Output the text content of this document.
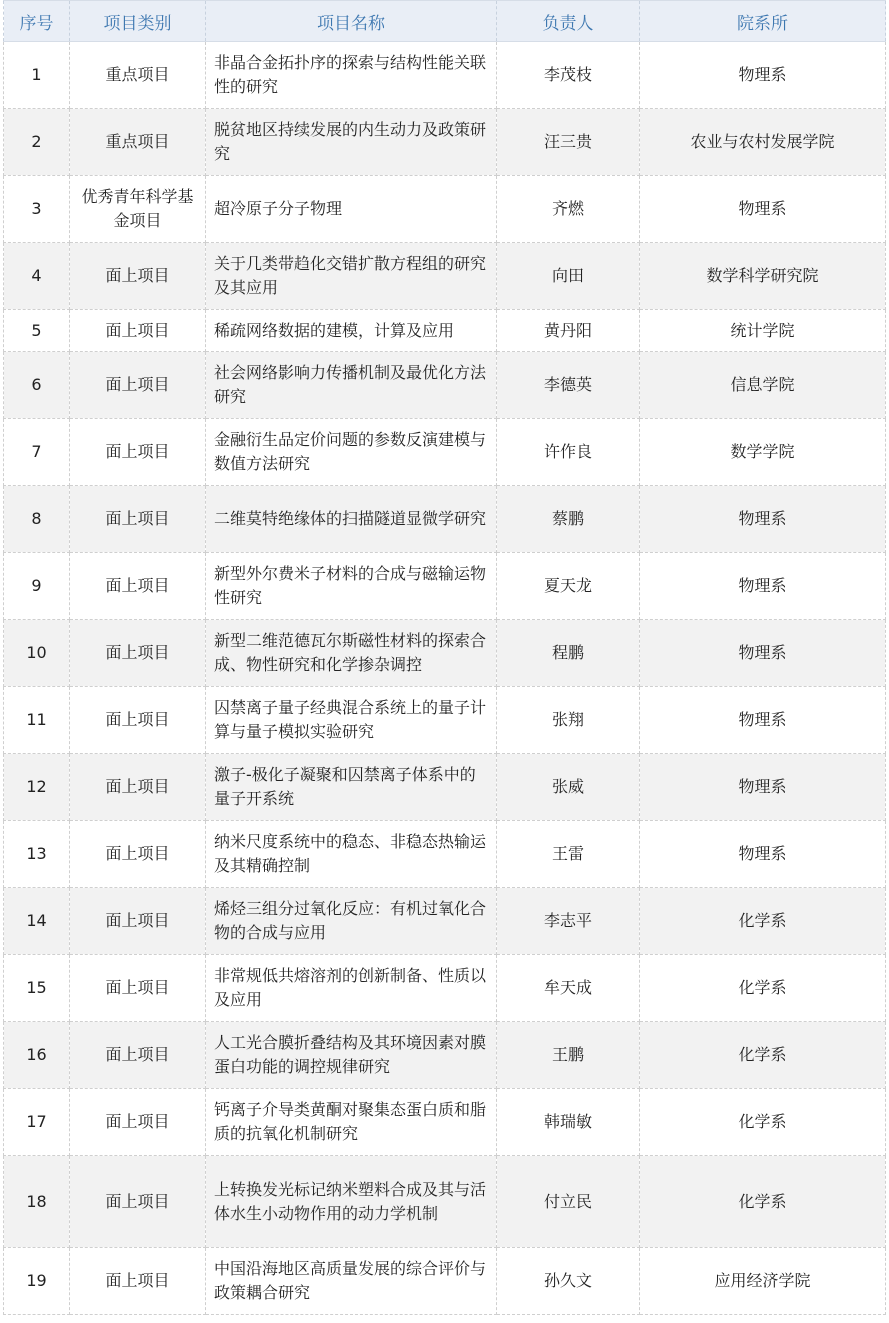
序号	项目类别	项目名称	负责人	院系所
1	重点项目	非晶合金拓扑序的探索与结构性能关联性的研究	李茂枝	物理系
2	重点项目	脱贫地区持续发展的内生动力及政策研究	汪三贵	农业与农村发展学院
3	优秀青年科学基金项目	超冷原子分子物理	齐燃	物理系
4	面上项目	关于几类带趋化交错扩散方程组的研究及其应用	向田	数学科学研究院
5	面上项目	稀疏网络数据的建模，计算及应用	黄丹阳	统计学院
6	面上项目	社会网络影响力传播机制及最优化方法研究	李德英	信息学院
7	面上项目	金融衍生品定价问题的参数反演建模与数值方法研究	许作良	数学学院
8	面上项目	二维莫特绝缘体的扫描隧道显微学研究	蔡鹏	物理系
9	面上项目	新型外尔费米子材料的合成与磁输运物性研究	夏天龙	物理系
10	面上项目	新型二维范德瓦尔斯磁性材料的探索合成、物性研究和化学掺杂调控	程鹏	物理系
11	面上项目	囚禁离子量子经典混合系统上的量子计算与量子模拟实验研究	张翔	物理系
12	面上项目	激子-极化子凝聚和囚禁离子体系中的量子开系统	张威	物理系
13	面上项目	纳米尺度系统中的稳态、非稳态热输运及其精确控制	王雷	物理系
14	面上项目	烯烃三组分过氧化反应：有机过氧化合物的合成与应用	李志平	化学系
15	面上项目	非常规低共熔溶剂的创新制备、性质以及应用	牟天成	化学系
16	面上项目	人工光合膜折叠结构及其环境因素对膜蛋白功能的调控规律研究	王鹏	化学系
17	面上项目	钙离子介导类黄酮对聚集态蛋白质和脂质的抗氧化机制研究	韩瑞敏	化学系
18	面上项目	上转换发光标记纳米塑料合成及其与活体水生小动物作用的动力学机制	付立民	化学系
19	面上项目	中国沿海地区高质量发展的综合评价与政策耦合研究	孙久文	应用经济学院
